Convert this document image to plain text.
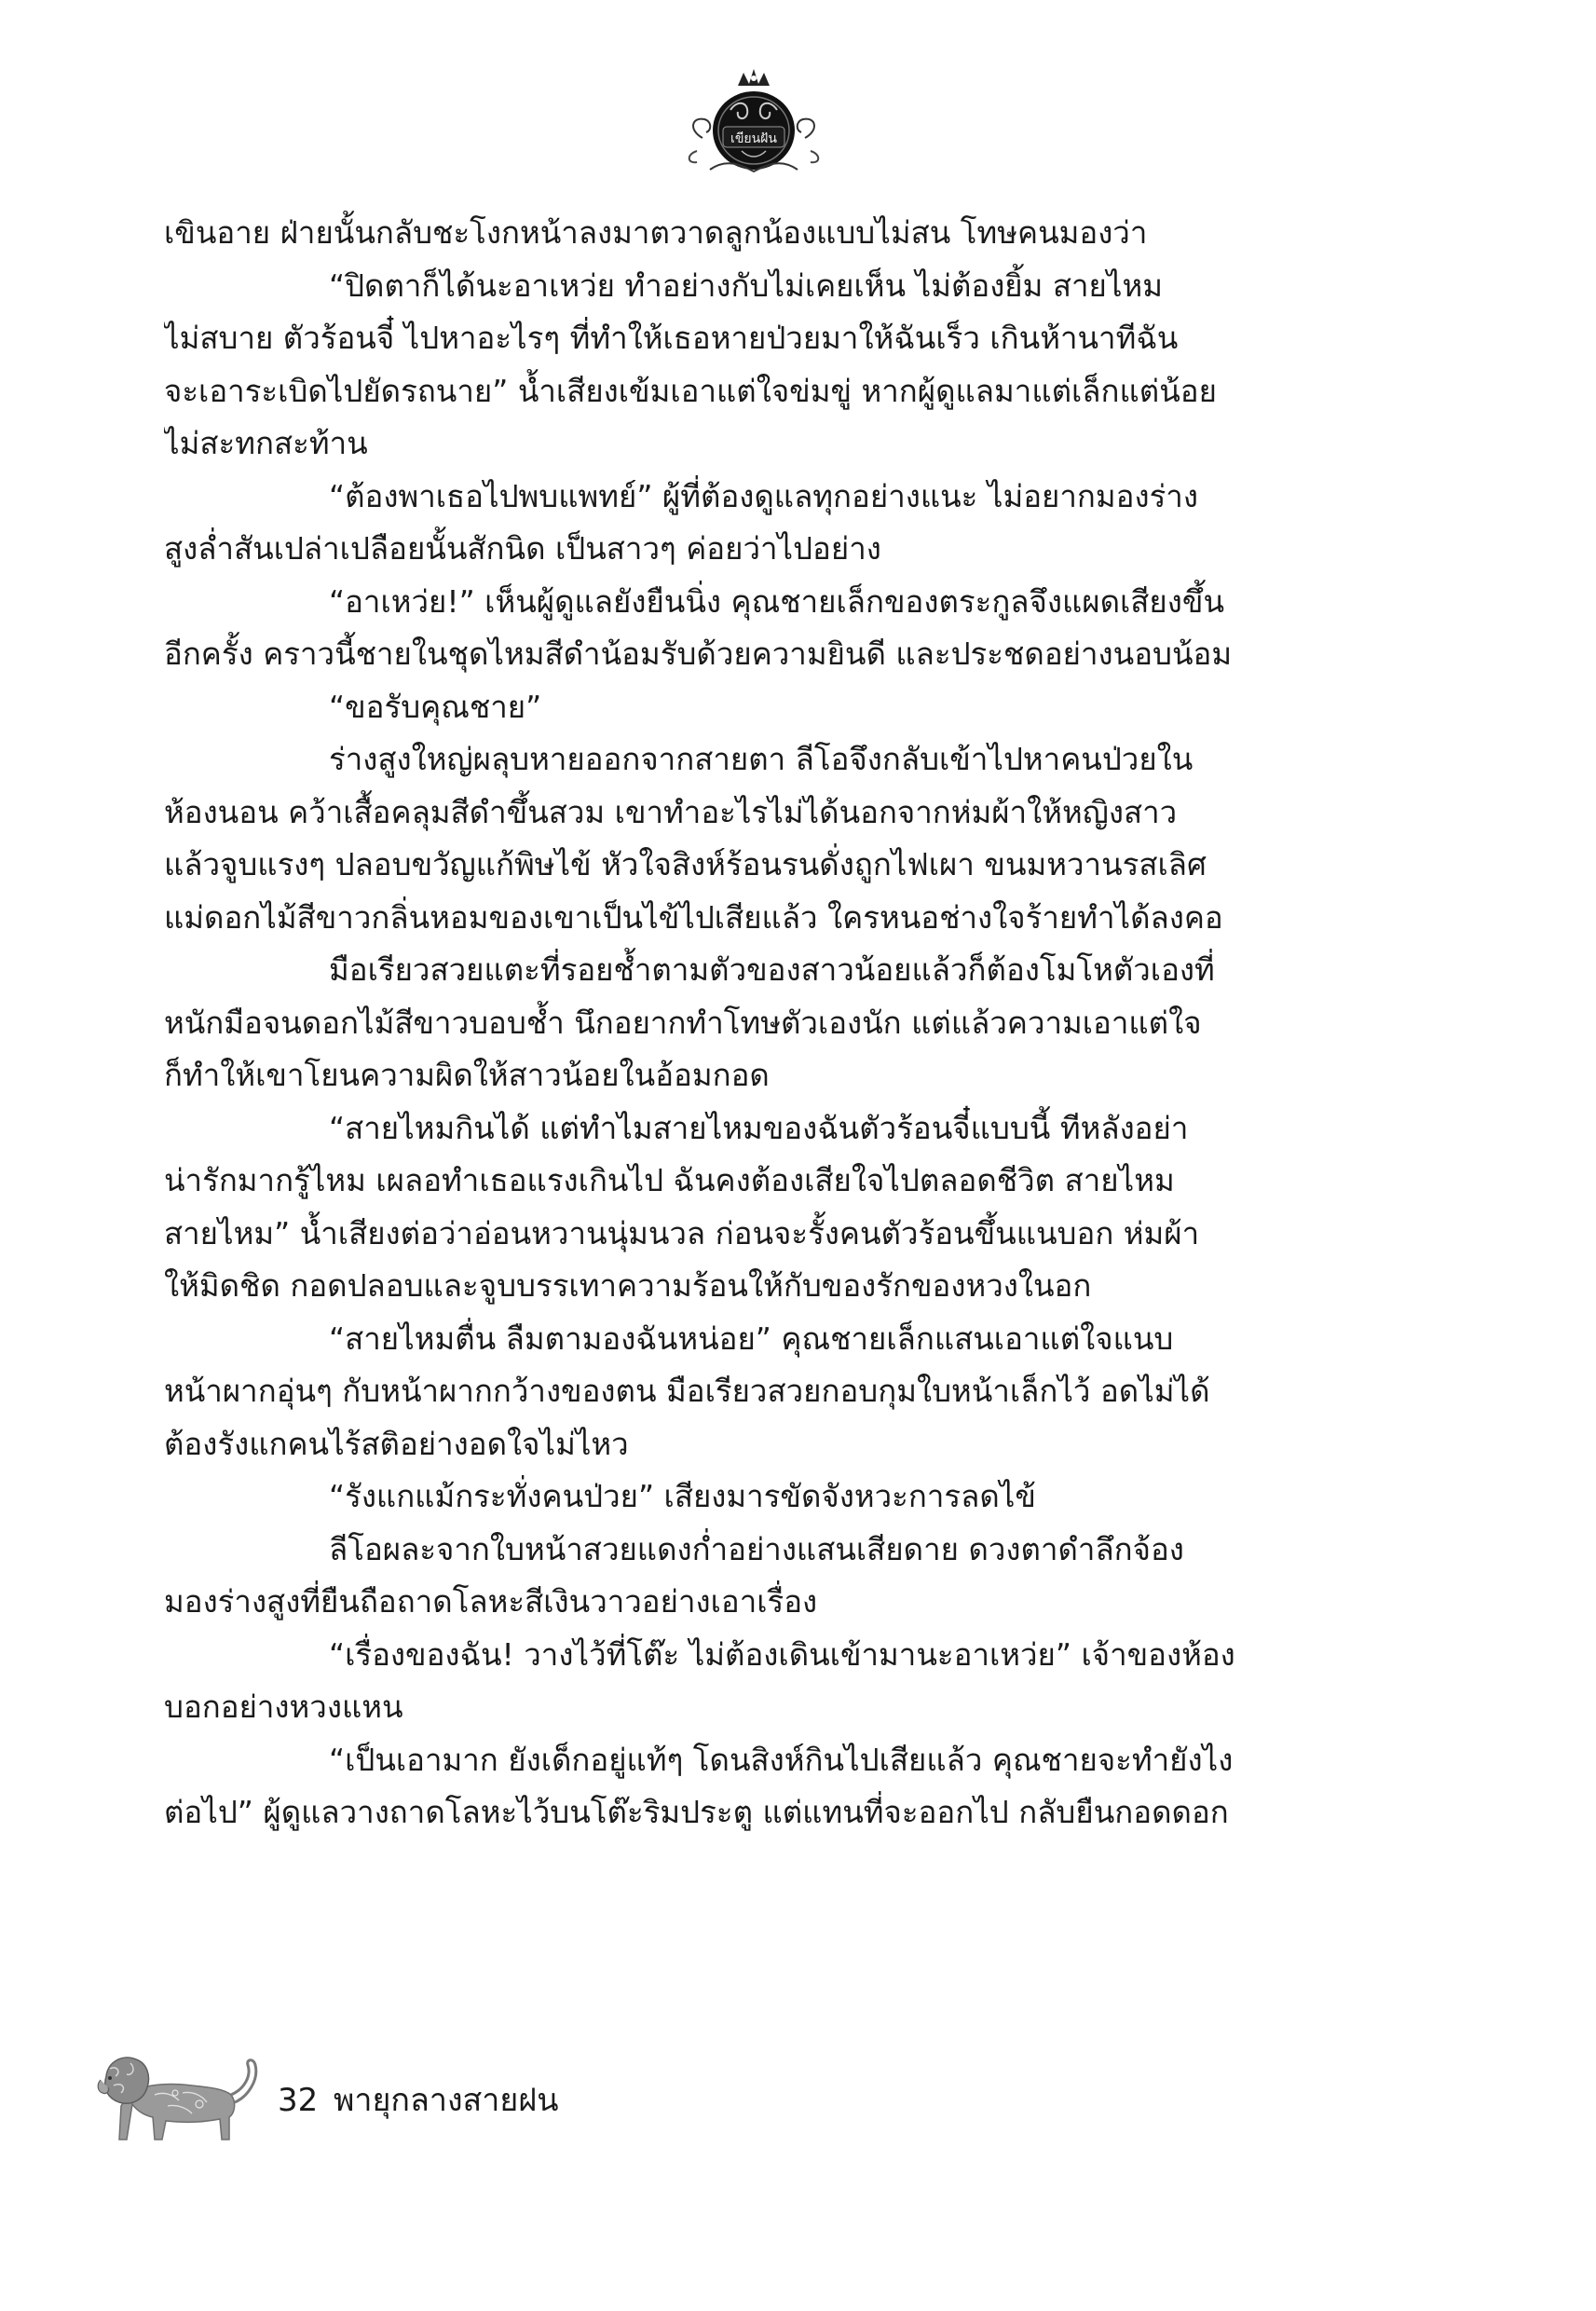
เขียนฝัน
เขินอาย ฝ่ายนั้นกลับชะโงกหน้าลงมาตวาดลูกน้องแบบไม่สน โทษคนมองว่า
“ปิดตาก็ได้นะอาเหว่ย ทำอย่างกับไม่เคยเห็น ไม่ต้องยิ้ม สายไหม
ไม่สบาย ตัวร้อนจี๋ ไปหาอะไรๆ ที่ทำให้เธอหายป่วยมาให้ฉันเร็ว เกินห้านาทีฉัน
จะเอาระเบิดไปยัดรถนาย” น้ำเสียงเข้มเอาแต่ใจข่มขู่ หากผู้ดูแลมาแต่เล็กแต่น้อย
ไม่สะทกสะท้าน
“ต้องพาเธอไปพบแพทย์” ผู้ที่ต้องดูแลทุกอย่างแนะ ไม่อยากมองร่าง
สูงล่ำสันเปล่าเปลือยนั้นสักนิด เป็นสาวๆ ค่อยว่าไปอย่าง
“อาเหว่ย!” เห็นผู้ดูแลยังยืนนิ่ง คุณชายเล็กของตระกูลจึงแผดเสียงขึ้น
อีกครั้ง คราวนี้ชายในชุดไหมสีดำน้อมรับด้วยความยินดี และประชดอย่างนอบน้อม
“ขอรับคุณชาย”
ร่างสูงใหญ่ผลุบหายออกจากสายตา ลีโอจึงกลับเข้าไปหาคนป่วยใน
ห้องนอน คว้าเสื้อคลุมสีดำขึ้นสวม เขาทำอะไรไม่ได้นอกจากห่มผ้าให้หญิงสาว
แล้วจูบแรงๆ ปลอบขวัญแก้พิษไข้ หัวใจสิงห์ร้อนรนดั่งถูกไฟเผา ขนมหวานรสเลิศ
แม่ดอกไม้สีขาวกลิ่นหอมของเขาเป็นไข้ไปเสียแล้ว ใครหนอช่างใจร้ายทำได้ลงคอ
มือเรียวสวยแตะที่รอยช้ำตามตัวของสาวน้อยแล้วก็ต้องโมโหตัวเองที่
หนักมือจนดอกไม้สีขาวบอบช้ำ นึกอยากทำโทษตัวเองนัก แต่แล้วความเอาแต่ใจ
ก็ทำให้เขาโยนความผิดให้สาวน้อยในอ้อมกอด
“สายไหมกินได้ แต่ทำไมสายไหมของฉันตัวร้อนจี๋แบบนี้ ทีหลังอย่า
น่ารักมากรู้ไหม เผลอทำเธอแรงเกินไป ฉันคงต้องเสียใจไปตลอดชีวิต สายไหม
สายไหม” น้ำเสียงต่อว่าอ่อนหวานนุ่มนวล ก่อนจะรั้งคนตัวร้อนขึ้นแนบอก ห่มผ้า
ให้มิดชิด กอดปลอบและจูบบรรเทาความร้อนให้กับของรักของหวงในอก
“สายไหมตื่น ลืมตามองฉันหน่อย” คุณชายเล็กแสนเอาแต่ใจแนบ
หน้าผากอุ่นๆ กับหน้าผากกว้างของตน มือเรียวสวยกอบกุมใบหน้าเล็กไว้ อดไม่ได้
ต้องรังแกคนไร้สติอย่างอดใจไม่ไหว
“รังแกแม้กระทั่งคนป่วย” เสียงมารขัดจังหวะการลดไข้
ลีโอผละจากใบหน้าสวยแดงก่ำอย่างแสนเสียดาย ดวงตาดำลึกจ้อง
มองร่างสูงที่ยืนถือถาดโลหะสีเงินวาวอย่างเอาเรื่อง
“เรื่องของฉัน! วางไว้ที่โต๊ะ ไม่ต้องเดินเข้ามานะอาเหว่ย” เจ้าของห้อง
บอกอย่างหวงแหน
“เป็นเอามาก ยังเด็กอยู่แท้ๆ โดนสิงห์กินไปเสียแล้ว คุณชายจะทำยังไง
ต่อไป” ผู้ดูแลวางถาดโลหะไว้บนโต๊ะริมประตู แต่แทนที่จะออกไป กลับยืนกอดดอก
32 พายุกลางสายฝน
